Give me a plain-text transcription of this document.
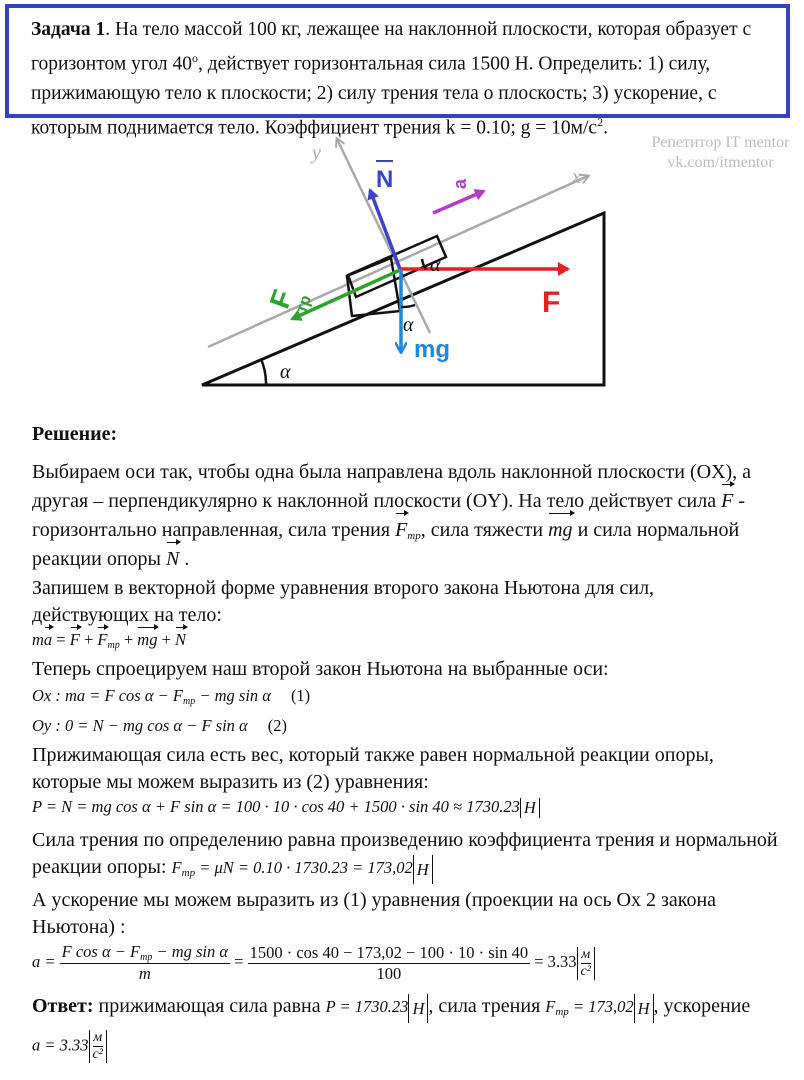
Задача 1. На тело массой 100 кг, лежащее на наклонной плоскости, которая образует с
горизонтом угол 40$^o$, действует горизонтальная сила 1500 Н. Определить: 1) силу,
прижимающую тело к плоскости; 2) силу трения тела о плоскость; 3) ускорение, с
которым поднимается тело. Коэффициент трения k = 0.10; $g = 10м/с^2$.
Репетитор IT mentor
vk.com/itmentor
α
x
y
N	a
F
тр	F
mg
α
α
Решение:
Выбираем оси так, чтобы одна была направлена вдоль наклонной плоскости (OX), а
другая – перпендикулярно к наклонной плоскости (OY). На тело действует сила F -
горизонтально направленная, сила трения $F_{тр}$, сила тяжести mg и сила нормальной
реакции опоры N .
Запишем в векторной форме уравнения второго закона Ньютона для сил,
действующих на тело:
ma = F + Fтр + mg + N
Теперь спроецируем наш второй закон Ньютона на выбранные оси:
Ox : ma = F cos α − Fтр − mg sin α (1)
Oy : 0 = N − mg cos α − F sin α (2)
Прижимающая сила есть вес, который также равен нормальной реакции опоры,
которые мы можем выразить из (2) уравнения:
P = N = mg cos α + F sin α = 100 · 10 · cos 40 + 1500 · sin 40 ≈ 1730.23 H
Сила трения по определению равна произведению коэффициента трения и нормальной
реакции опоры: $F_{тр} = \mu N = 0.10 \cdot 1730.23 = 173,02$ H
А ускорение мы можем выразить из (1) уравнения (проекции на ось Ох 2 закона
Ньютона) :
$a = \frac{\text{F cos α − Fтр − mg sin α}}{m} = \frac{1500 \cdot \cos 40 - 173,02 - 100 \cdot 10 \cdot \sin 40}{100} = 3.33 \frac{м}{\text{c²}}$
Ответ: прижимающая сила равна P = 1730.23 H , сила трения $F_{тр} = 173,02$ H , ускорение
$a = 3.33 \frac{м}{\text{c²}}$
